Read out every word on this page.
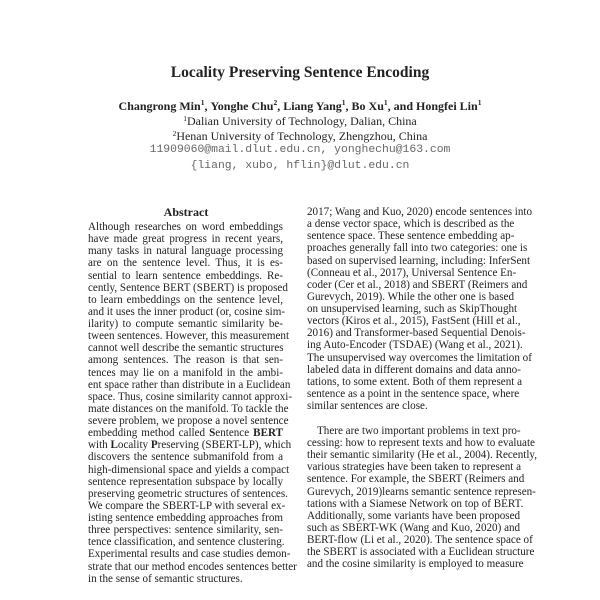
Locality Preserving Sentence Encoding
Changrong Min$^1$, Yonghe Chu$^2$, Liang Yang$^1$, Bo Xu$^1$, and Hongfei Lin$^1$
$^1$Dalian University of Technology, Dalian, China
$^2$Henan University of Technology, Zhengzhou, China
11909060@mail.dlut.edu.cn, yonghechu@163.com
{liang, xubo, hflin}@dlut.edu.cn
Abstract
Although researches on word embeddings
have made great progress in recent years,
many tasks in natural language processing
are on the sentence level. Thus, it is es-
sential to learn sentence embeddings. Re-
cently, Sentence BERT (SBERT) is proposed
to learn embeddings on the sentence level,
and it uses the inner product (or, cosine sim-
ilarity) to compute semantic similarity be-
tween sentences. However, this measurement
cannot well describe the semantic structures
among sentences. The reason is that sen-
tences may lie on a manifold in the ambi-
ent space rather than distribute in a Euclidean
space. Thus, cosine similarity cannot approxi-
mate distances on the manifold. To tackle the
severe problem, we propose a novel sentence
embedding method called Sentence BERT
with Locality Preserving (SBERT-LP), which
discovers the sentence submanifold from a
high-dimensional space and yields a compact
sentence representation subspace by locally
preserving geometric structures of sentences.
We compare the SBERT-LP with several ex-
isting sentence embedding approaches from
three perspectives: sentence similarity, sen-
tence classification, and sentence clustering.
Experimental results and case studies demon-
strate that our method encodes sentences better
in the sense of semantic structures.
2017; Wang and Kuo, 2020) encode sentences into
a dense vector space, which is described as the
sentence space. These sentence embedding ap-
proaches generally fall into two categories: one is
based on supervised learning, including: InferSent
(Conneau et al., 2017), Universal Sentence En-
coder (Cer et al., 2018) and SBERT (Reimers and
Gurevych, 2019). While the other one is based
on unsupervised learning, such as SkipThought
vectors (Kiros et al., 2015), FastSent (Hill et al.,
2016) and Transformer-based Sequential Denois-
ing Auto-Encoder (TSDAE) (Wang et al., 2021).
The unsupervised way overcomes the limitation of
labeled data in different domains and data anno-
tations, to some extent. Both of them represent a
sentence as a point in the sentence space, where
similar sentences are close.
There are two important problems in text pro-
cessing: how to represent texts and how to evaluate
their semantic similarity (He et al., 2004). Recently,
various strategies have been taken to represent a
sentence. For example, the SBERT (Reimers and
Gurevych, 2019)learns semantic sentence represen-
tations with a Siamese Network on top of BERT.
Additionally, some variants have been proposed
such as SBERT-WK (Wang and Kuo, 2020) and
BERT-flow (Li et al., 2020). The sentence space of
the SBERT is associated with a Euclidean structure
and the cosine similarity is employed to measure
